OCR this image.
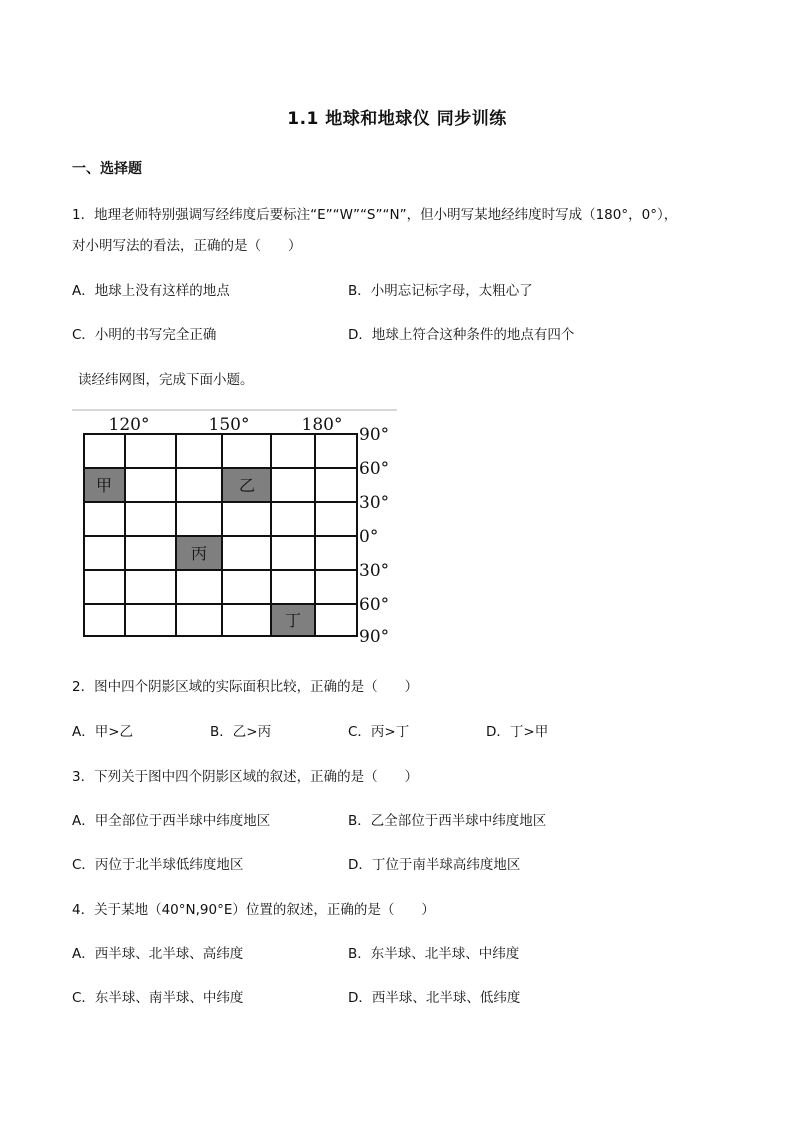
1.1 地球和地球仪 同步训练
一、选择题
1．地理老师特别强调写经纬度后要标注“E”“W”“S”“N”，但小明写某地经纬度时写成（180°，0°），
对小明写法的看法，正确的是（　　）
A．地球上没有这样的地点	B．小明忘记标字母，太粗心了
C．小明的书写完全正确	D．地球上符合这种条件的地点有四个
读经纬网图，完成下面小题。
甲	乙
丙
丁
120°	150°	180° 90°
60°
30°
0°
30°
60°
90°
2．图中四个阴影区域的实际面积比较，正确的是（　　）
A．甲>乙	B．乙>丙	C．丙>丁	D．丁>甲
3．下列关于图中四个阴影区域的叙述，正确的是（　　）
A．甲全部位于西半球中纬度地区	B．乙全部位于西半球中纬度地区
C．丙位于北半球低纬度地区	D．丁位于南半球高纬度地区
4．关于某地（40°N,90°E）位置的叙述，正确的是（　　）
A．西半球、北半球、高纬度	B．东半球、北半球、中纬度
C．东半球、南半球、中纬度	D．西半球、北半球、低纬度
